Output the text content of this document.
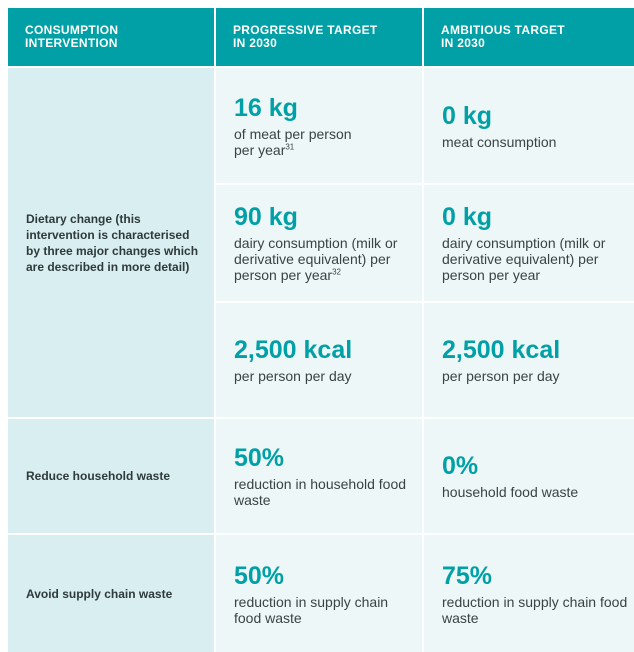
CONSUMPTION
INTERVENTION
PROGRESSIVE TARGET
IN 2030
AMBITIOUS TARGET
IN 2030
Dietary change (this intervention is characterised by three major changes which are described in more detail)
16 kg
of meat per person
per year$^{31}$
0 kg
meat consumption
90 kg
dairy consumption (milk or derivative equivalent) per person per year$^{32}$
0 kg
dairy consumption (milk or derivative equivalent) per person per year
2,500 kcal
per person per day
2,500 kcal
per person per day
Reduce household waste
50%
reduction in household food waste
0%
household food waste
Avoid supply chain waste
50%
reduction in supply chain food waste
75%
reduction in supply chain food waste
